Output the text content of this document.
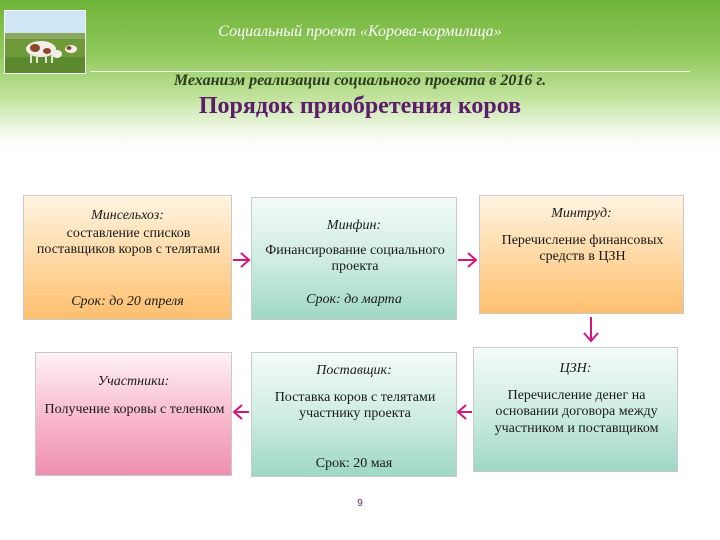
Социальный проект «Корова-кормилица»
Механизм реализации социального проекта в 2016 г.
Порядок приобретения коров
Минсельхоз:
составление списков поставщиков коров с телятами
Срок: до 20 апреля
Минфин:
Финансирование социального проекта
Срок: до марта
Минтруд:
Перечисление финансовых средств в ЦЗН
Участники:
Получение коровы с теленком
Поставщик:
Поставка коров с телятами участнику проекта
Срок: 20 мая
ЦЗН:
Перечисление денег на основании договора между участником и поставщиком
9
